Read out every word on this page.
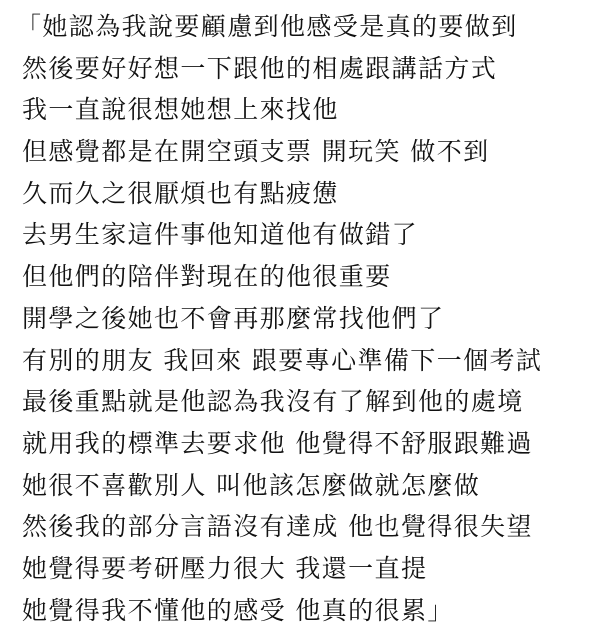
「她認為我說要顧慮到他感受是真的要做到
然後要好好想一下跟他的相處跟講話方式
我一直說很想她想上來找他
但感覺都是在開空頭支票 開玩笑 做不到
久而久之很厭煩也有點疲憊
去男生家這件事他知道他有做錯了
但他們的陪伴對現在的他很重要
開學之後她也不會再那麼常找他們了
有別的朋友 我回來 跟要專心準備下一個考試
最後重點就是他認為我沒有了解到他的處境
就用我的標準去要求他 他覺得不舒服跟難過
她很不喜歡別人 叫他該怎麼做就怎麼做
然後我的部分言語沒有達成 他也覺得很失望
她覺得要考研壓力很大 我還一直提
她覺得我不懂他的感受 他真的很累」
